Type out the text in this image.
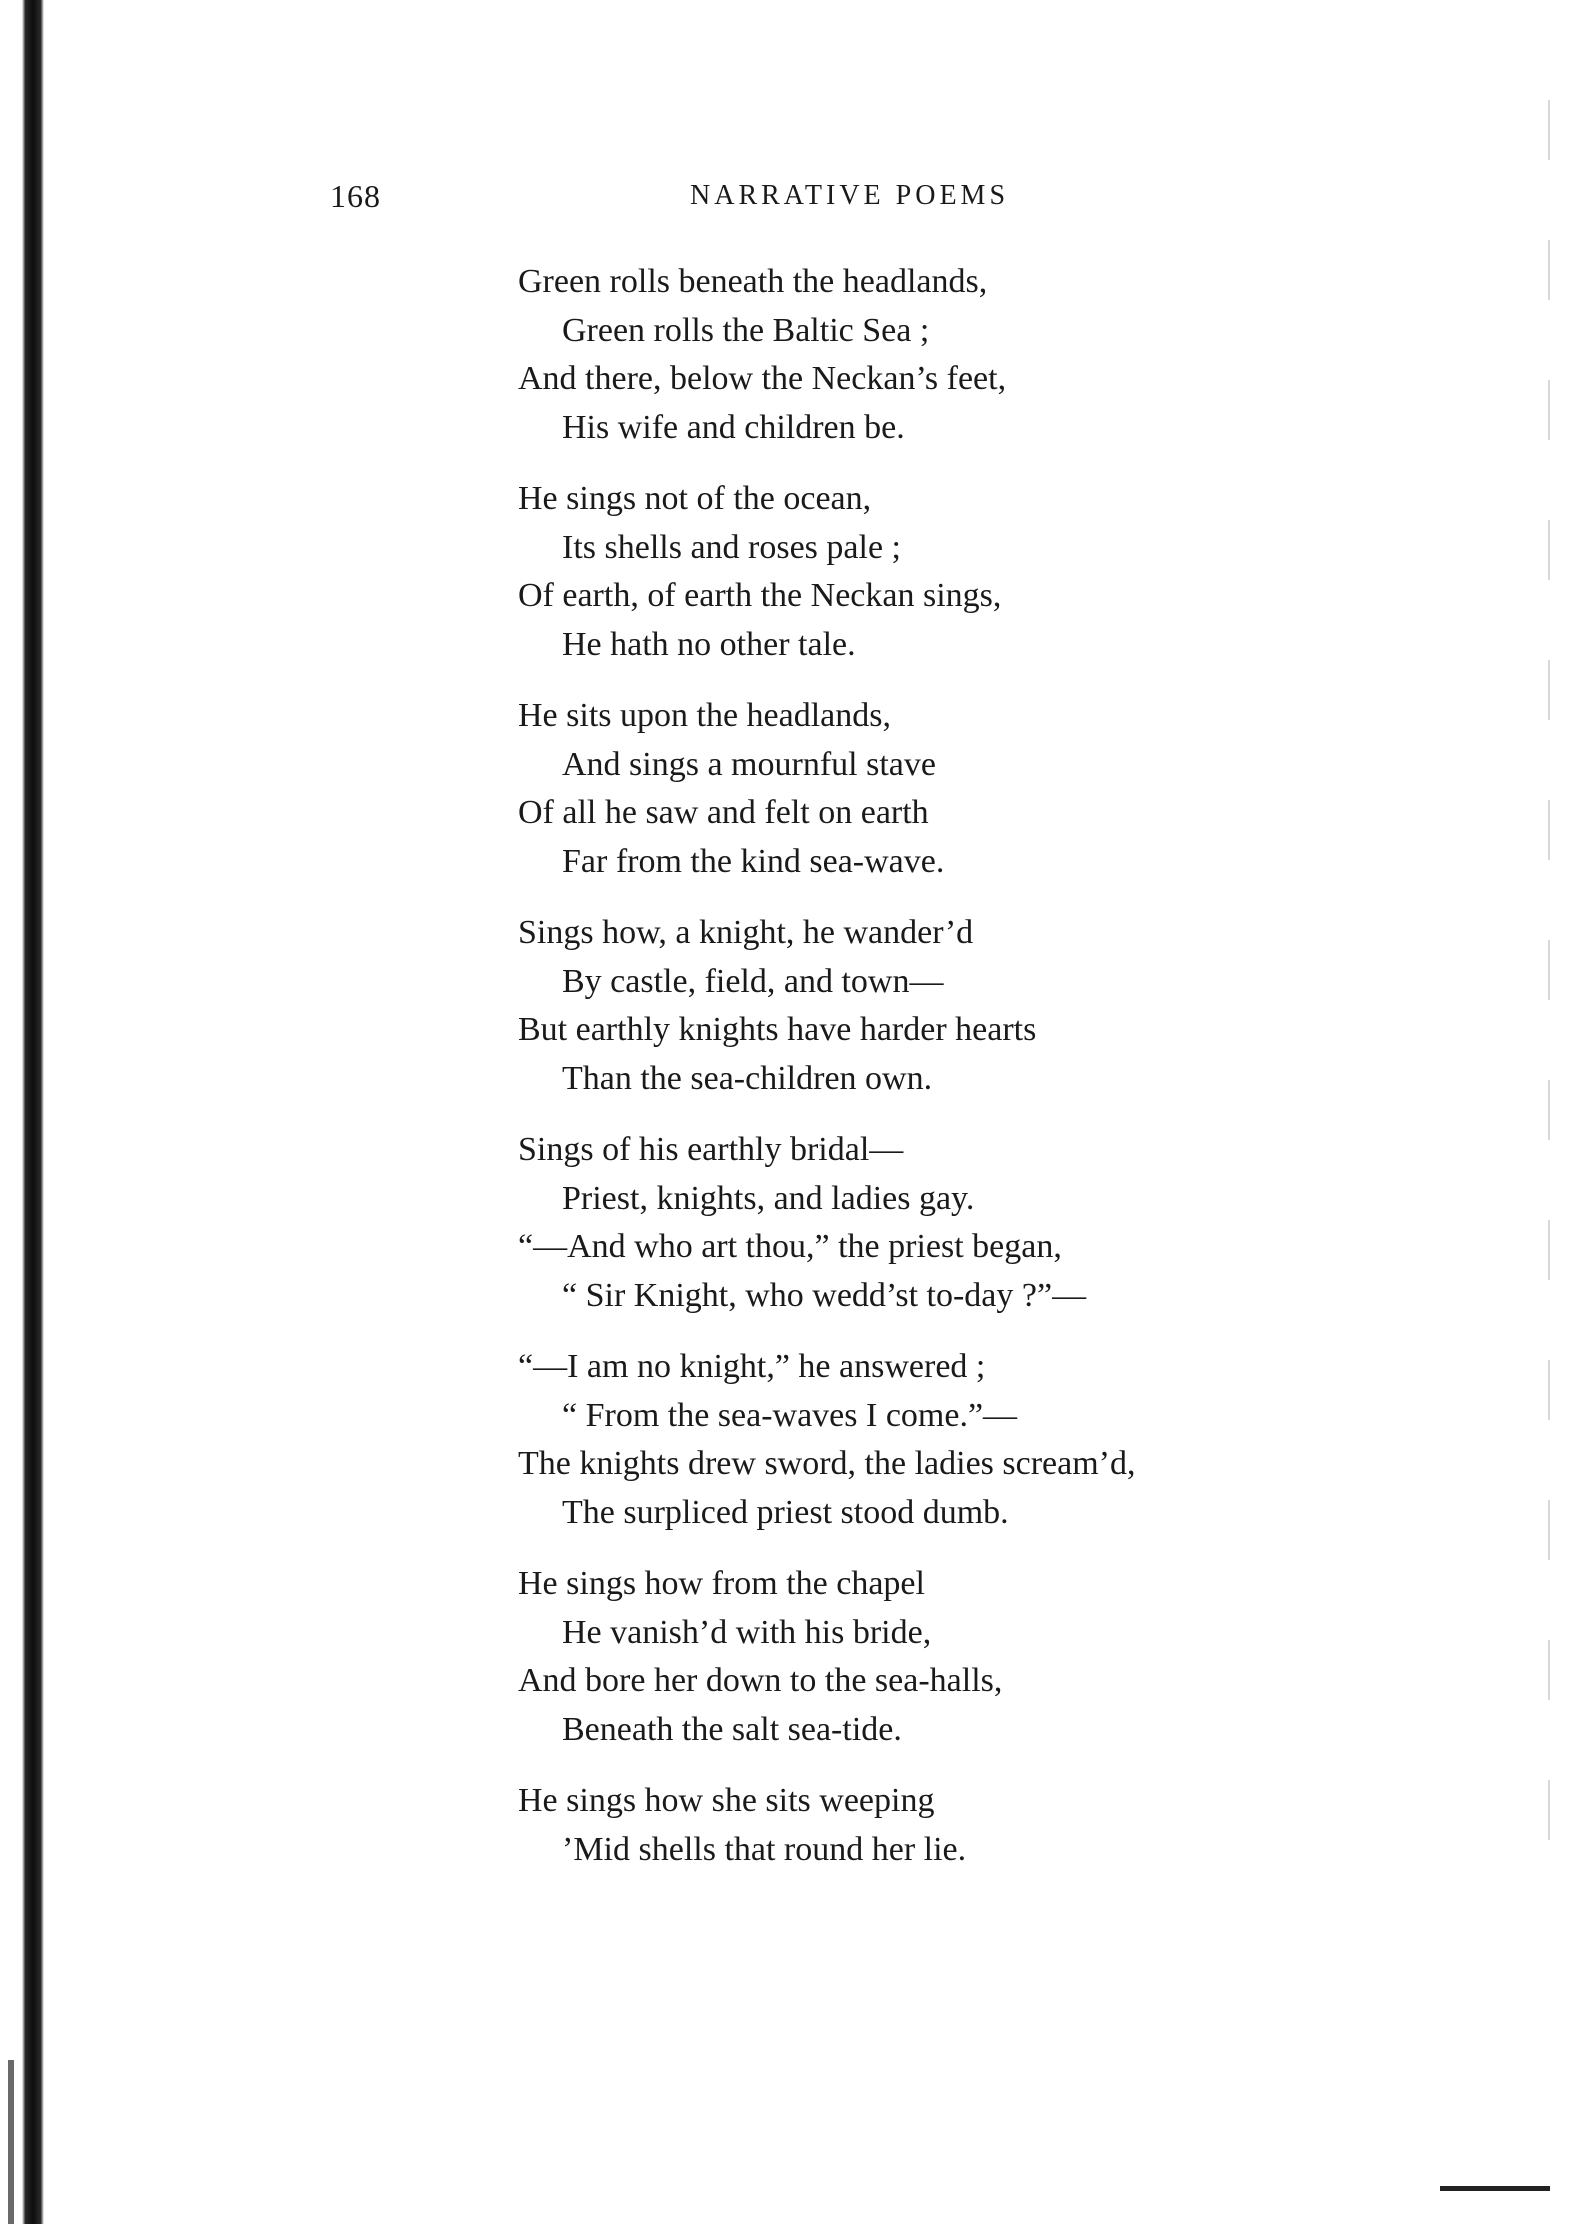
168	NARRATIVE POEMS
Green rolls beneath the headlands,
Green rolls the Baltic Sea ;
And there, below the Neckan’s feet,
His wife and children be.
He sings not of the ocean,
Its shells and roses pale ;
Of earth, of earth the Neckan sings,
He hath no other tale.
He sits upon the headlands,
And sings a mournful stave
Of all he saw and felt on earth
Far from the kind sea-wave.
Sings how, a knight, he wander’d
By castle, field, and town—
But earthly knights have harder hearts
Than the sea-children own.
Sings of his earthly bridal—
Priest, knights, and ladies gay.
“—And who art thou,” the priest began,
“ Sir Knight, who wedd’st to-day ?”—
“—I am no knight,” he answered ;
“ From the sea-waves I come.”—
The knights drew sword, the ladies scream’d,
The surpliced priest stood dumb.
He sings how from the chapel
He vanish’d with his bride,
And bore her down to the sea-halls,
Beneath the salt sea-tide.
He sings how she sits weeping
’Mid shells that round her lie.
